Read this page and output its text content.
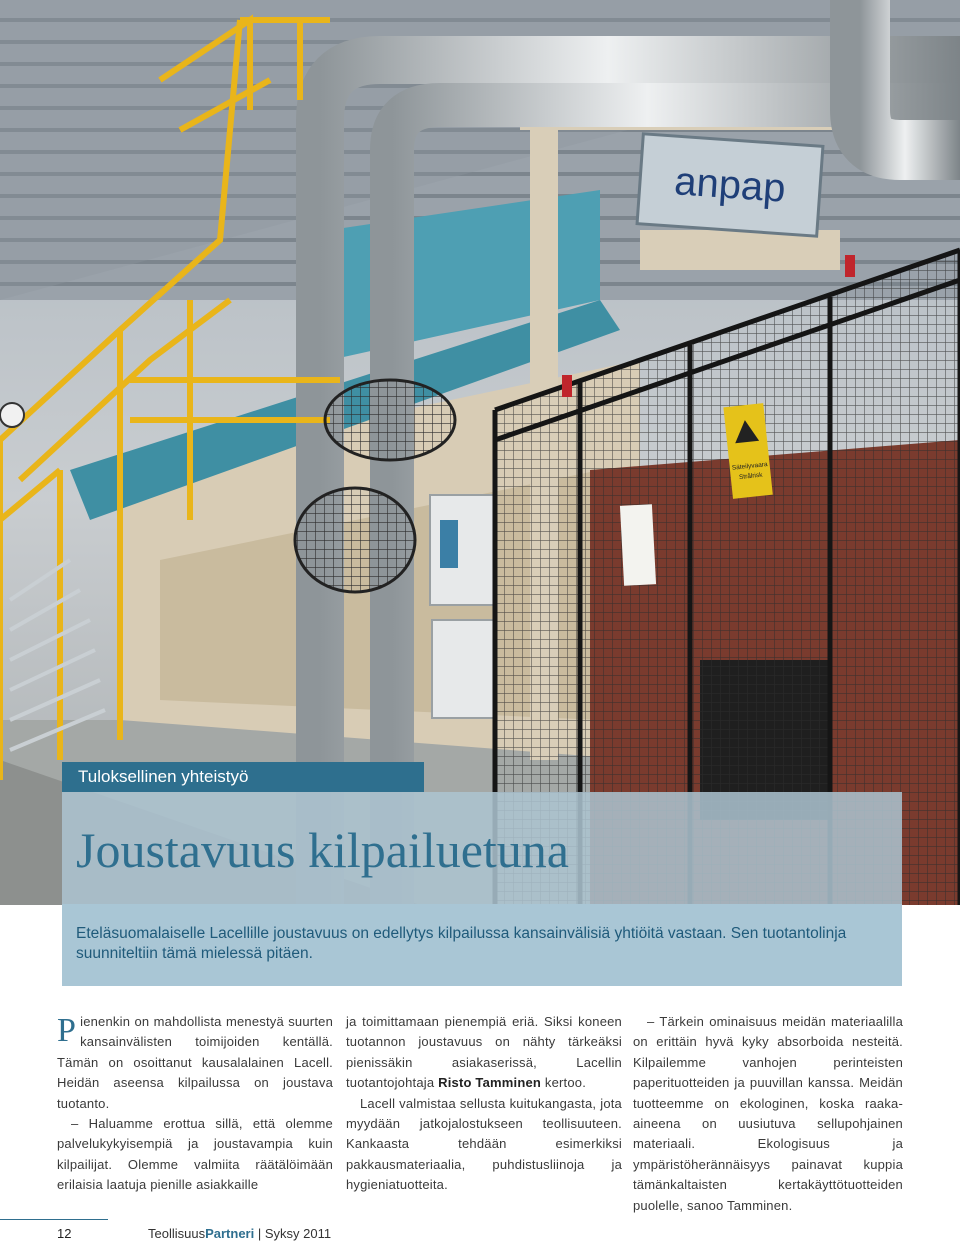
anpap
Säteilyvaara
Strålrisk
Tuloksellinen yhteistyö
Joustavuus kilpailuetuna

Eteläsuomalaiselle Lacellille joustavuus on edellytys kilpailussa kansainvälisiä yhtiöitä vastaan. Sen tuotantolinja suunniteltiin tämä mielessä pitäen.

Pienenkin on mahdollista menestyä suurten kansainvälisten toimijoiden kentällä. Tämän on osoittanut kausalalainen Lacell. Heidän aseensa kilpailussa on joustava tuotanto.

– Haluamme erottua sillä, että olemme palvelukykyisempiä ja joustavampia kuin kilpailijat. Olemme valmiita räätälöimään erilaisia laatuja pienille asiakkaille

ja toimittamaan pienempiä eriä. Siksi koneen tuotannon joustavuus on nähty tärkeäksi pienissäkin asiakaserissä, Lacellin tuotantojohtaja Risto Tamminen kertoo.

Lacell valmistaa sellusta kuitukangasta, jota myydään jatkojalostukseen teollisuuteen. Kankaasta tehdään esimerkiksi pakkausmateriaalia, puhdistusliinoja ja hygieniatuotteita.

– Tärkein ominaisuus meidän materiaalilla on erittäin hyvä kyky absorboida nesteitä. Kilpailemme vanhojen perinteisten paperituotteiden ja puuvillan kanssa. Meidän tuotteemme on ekologinen, koska raaka-aineena on uusiutuva sellupohjainen materiaali. Ekologisuus ja ympäristöhеrännäisyys painavat kuppia tämänkaltaisten kertakäyttötuotteiden puolelle, sanoo Tamminen.

12	TeollisuusPartneri | Syksy 2011
